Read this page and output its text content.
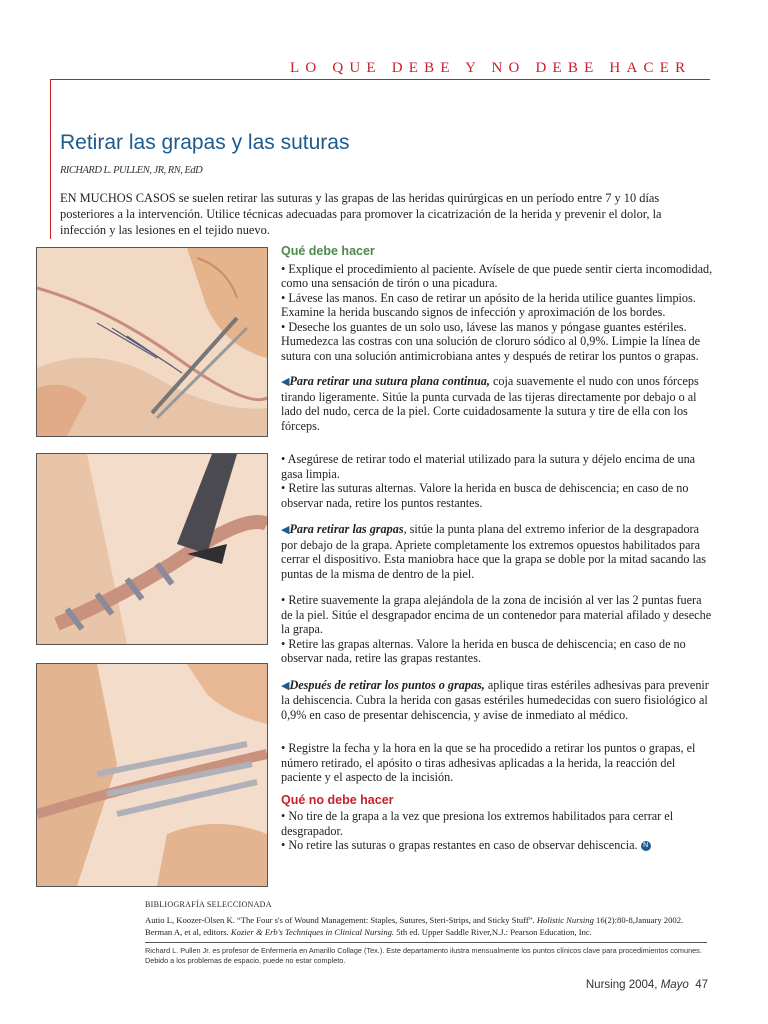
LO QUE DEBE Y NO DEBE HACER
Retirar las grapas y las suturas
RICHARD L. PULLEN, JR, RN, EdD
EN MUCHOS CASOS se suelen retirar las suturas y las grapas de las heridas quirúrgicas en un período entre 7 y 10 días posteriores a la intervención. Utilice técnicas adecuadas para promover la cicatrización de la herida y prevenir el dolor, la infección y las lesiones en el tejido nuevo.

Qué debe hacer

• Explique el procedimiento al paciente. Avísele de que puede sentir cierta incomodidad, como una sensación de tirón o una picadura.

• Lávese las manos. En caso de retirar un apósito de la herida utilice guantes limpios. Examine la herida buscando signos de infección y aproximación de los bordes.

• Deseche los guantes de un solo uso, lávese las manos y póngase guantes estériles. Humedezca las costras con una solución de cloruro sódico al 0,9%. Limpie la línea de sutura con una solución antimicrobiana antes y después de retirar los puntos o grapas.

◀Para retirar una sutura plana continua, coja suavemente el nudo con unos fórceps tirando ligeramente. Sitúe la punta curvada de las tijeras directamente por debajo o al lado del nudo, cerca de la piel. Corte cuidadosamente la sutura y tire de ella con los fórceps.

• Asegúrese de retirar todo el material utilizado para la sutura y déjelo encima de una gasa limpia.

• Retire las suturas alternas. Valore la herida en busca de dehiscencia; en caso de no observar nada, retire los puntos restantes.

◀Para retirar las grapas, sitúe la punta plana del extremo inferior de la desgrapadora por debajo de la grapa. Apriete completamente los extremos opuestos habilitados para cerrar el dispositivo. Esta maniobra hace que la grapa se doble por la mitad sacando las puntas de la misma de dentro de la piel.

• Retire suavemente la grapa alejándola de la zona de incisión al ver las 2 puntas fuera de la piel. Sitúe el desgrapador encima de un contenedor para material afilado y deseche la grapa.

• Retire las grapas alternas. Valore la herida en busca de dehiscencia; en caso de no observar nada, retire las grapas restantes.

◀Después de retirar los puntos o grapas, aplique tiras estériles adhesivas para prevenir la dehiscencia. Cubra la herida con gasas estériles humedecidas con suero fisiológico al 0,9% en caso de presentar dehiscencia, y avise de inmediato al médico.

• Registre la fecha y la hora en la que se ha procedido a retirar los puntos o grapas, el número retirado, el apósito o tiras adhesivas aplicadas a la herida, la reacción del paciente y el aspecto de la incisión.

Qué no debe hacer

• No tire de la grapa a la vez que presiona los extremos habilitados para cerrar el desgrapador.

• No retire las suturas o grapas restantes en caso de observar dehiscencia. N

BIBLIOGRAFÍA SELECCIONADA
Autio L, Koozer-Olsen K. “The Four s's of Wound Management: Staples, Sutures, Steri-Strips, and Sticky Stuff”. Holistic Nursing 16(2):80-8,January 2002.
Berman A, et al, editors. Kozier & Erb's Techniques in Clinical Nursing. 5th ed. Upper Saddle River,N.J.: Pearson Education, Inc.
Richard L. Pullen Jr. es profesor de Enfermería en Amarillo Collage (Tex.). Este departamento ilustra mensualmente los puntos clínicos clave para procedimientos comunes. Debido a los problemas de espacio, puede no estar completo.
Nursing 2004, Mayo 47
